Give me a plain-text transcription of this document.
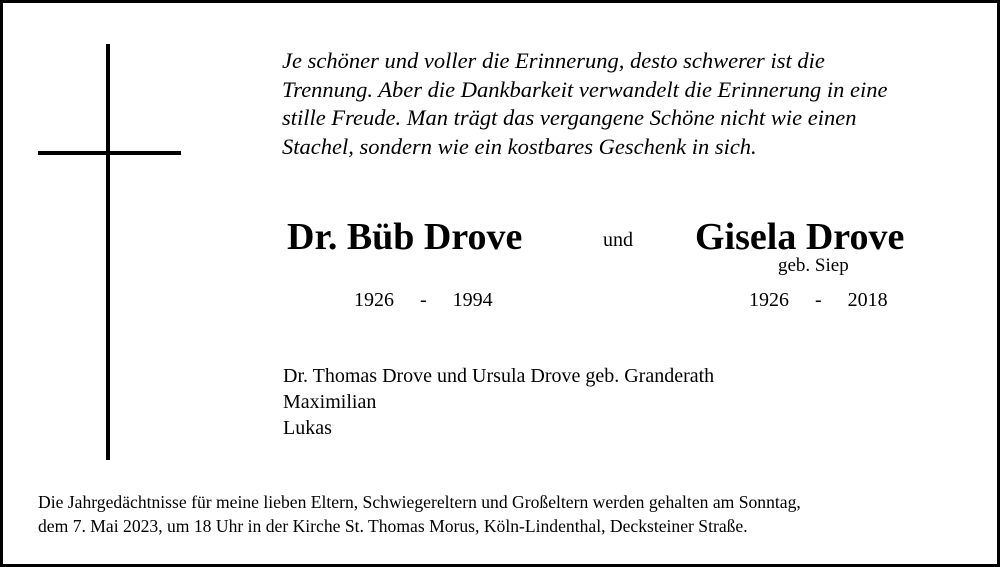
Je schöner und voller die Erinnerung, desto schwerer ist die
Trennung. Aber die Dankbarkeit verwandelt die Erinnerung in eine
stille Freude. Man trägt das vergangene Schöne nicht wie einen
Stachel, sondern wie ein kostbares Geschenk in sich.
Dr. Büb Drove	und Gisela Drove
geb. Siep
1926 - 1994	1926 - 2018
Dr. Thomas Drove und Ursula Drove geb. Granderath
Maximilian
Lukas
Die Jahrgedächtnisse für meine lieben Eltern, Schwiegereltern und Großeltern werden gehalten am Sonntag,
dem 7. Mai 2023, um 18 Uhr in der Kirche St. Thomas Morus, Köln-Lindenthal, Decksteiner Straße.
